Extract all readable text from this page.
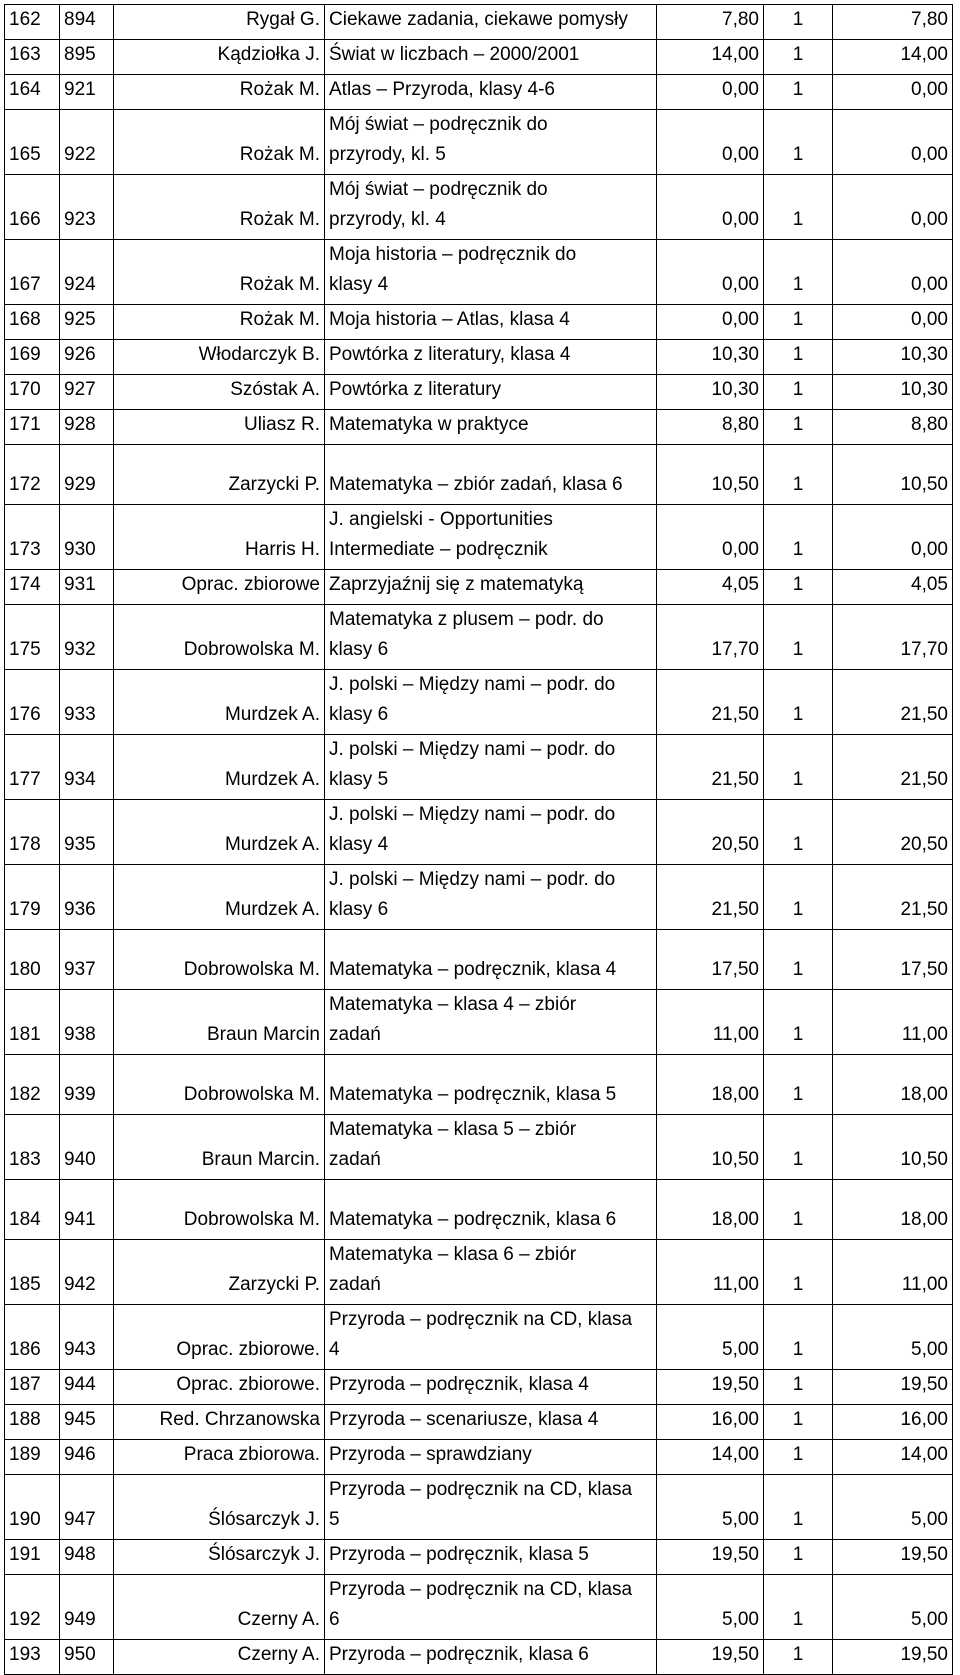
162	894	Rygał G.	Ciekawe zadania, ciekawe pomysły	7,80	1	7,80
163	895	Kądziołka J.	Świat w liczbach – 2000/2001	14,00	1	14,00
164	921	Rożak M.	Atlas – Przyroda, klasy 4-6	0,00	1	0,00
165	922	Rożak M.	Mój świat – podręcznik do
przyrody, kl. 5	0,00	1	0,00
166	923	Rożak M.	Mój świat – podręcznik do
przyrody, kl. 4	0,00	1	0,00
167	924	Rożak M.	Moja historia – podręcznik do
klasy 4	0,00	1	0,00
168	925	Rożak M.	Moja historia – Atlas, klasa 4	0,00	1	0,00
169	926	Włodarczyk B.	Powtórka z literatury, klasa 4	10,30	1	10,30
170	927	Szóstak A.	Powtórka z literatury	10,30	1	10,30
171	928	Uliasz R.	Matematyka w praktyce	8,80	1	8,80
172	929	Zarzycki P.	Matematyka – zbiór zadań, klasa 6	10,50	1	10,50
173	930	Harris H.	J. angielski - Opportunities
Intermediate – podręcznik	0,00	1	0,00
174	931	Oprac. zbiorowe	Zaprzyjaźnij się z matematyką	4,05	1	4,05
175	932	Dobrowolska M.	Matematyka z plusem – podr. do
klasy 6	17,70	1	17,70
176	933	Murdzek A.	J. polski – Między nami – podr. do
klasy 6	21,50	1	21,50
177	934	Murdzek A.	J. polski – Między nami – podr. do
klasy 5	21,50	1	21,50
178	935	Murdzek A.	J. polski – Między nami – podr. do
klasy 4	20,50	1	20,50
179	936	Murdzek A.	J. polski – Między nami – podr. do
klasy 6	21,50	1	21,50
180	937	Dobrowolska M.	Matematyka – podręcznik, klasa 4	17,50	1	17,50
181	938	Braun Marcin	Matematyka – klasa 4 – zbiór
zadań	11,00	1	11,00
182	939	Dobrowolska M.	Matematyka – podręcznik, klasa 5	18,00	1	18,00
183	940	Braun Marcin.	Matematyka – klasa 5 – zbiór
zadań	10,50	1	10,50
184	941	Dobrowolska M.	Matematyka – podręcznik, klasa 6	18,00	1	18,00
185	942	Zarzycki P.	Matematyka – klasa 6 – zbiór
zadań	11,00	1	11,00
186	943	Oprac. zbiorowe.	Przyroda – podręcznik na CD, klasa
4	5,00	1	5,00
187	944	Oprac. zbiorowe.	Przyroda – podręcznik, klasa 4	19,50	1	19,50
188	945	Red. Chrzanowska	Przyroda – scenariusze, klasa 4	16,00	1	16,00
189	946	Praca zbiorowa.	Przyroda – sprawdziany	14,00	1	14,00
190	947	Ślósarczyk J.	Przyroda – podręcznik na CD, klasa
5	5,00	1	5,00
191	948	Ślósarczyk J.	Przyroda – podręcznik, klasa 5	19,50	1	19,50
192	949	Czerny A.	Przyroda – podręcznik na CD, klasa
6	5,00	1	5,00
193	950	Czerny A.	Przyroda – podręcznik, klasa 6	19,50	1	19,50
